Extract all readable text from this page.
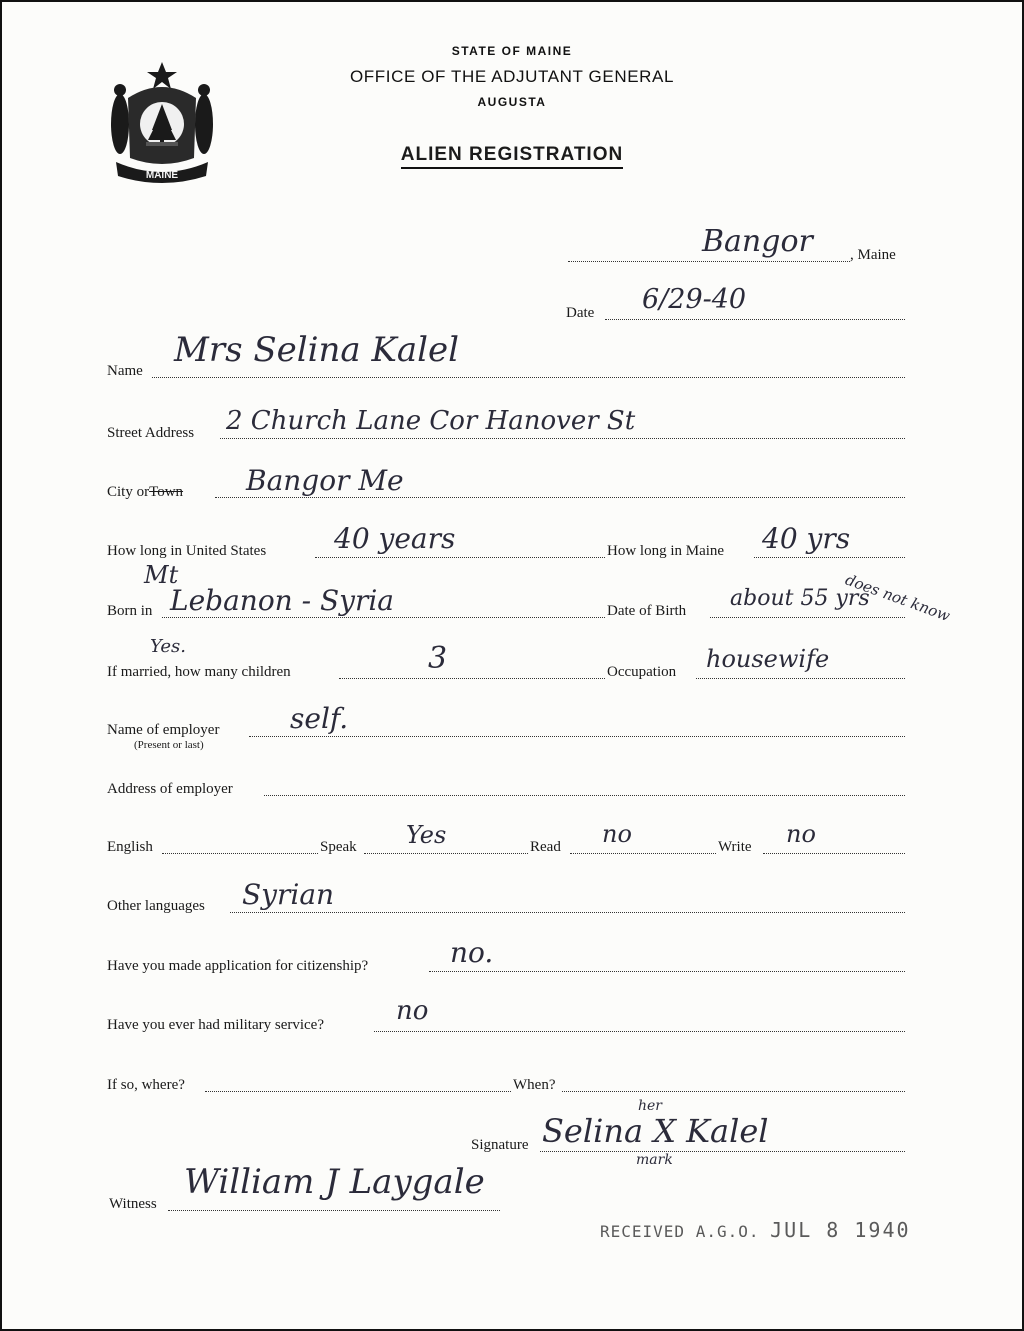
MAINE
STATE OF MAINE
OFFICE OF THE ADJUTANT GENERAL
AUGUSTA
ALIEN REGISTRATION
, Maine
Bangor
Date 6/29-40
Name
Mrs Selina Kalel
Street Address 2 Church Lane Cor Hanover St
City orTown Bangor Me
How long in United States 40 years	How long in Maine 40 yrs
Mt
Born in Lebanon - Syria	Date of Birth about 55 yrs
does not know
Yes.
If married, how many children	3	Occupation housewife
Name of employer
(Present or last)
self.
Address of employer
English	Speak Yes	Read no	Write no
Other languages Syrian
Have you made application for citizenship?	no.
Have you ever had military service?	no
If so, where?	When?
her
Signature Selina X Kalel
mark
Witness
William J Laygale
RECEIVED A.G.O. JUL 8 1940
